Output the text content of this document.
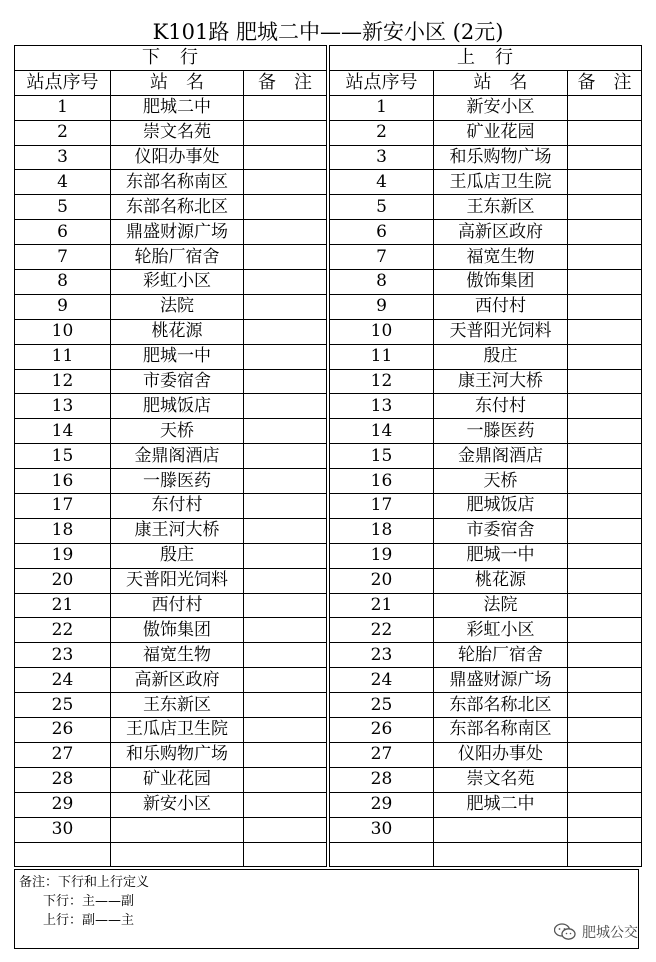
K101路 肥城二中——新安小区 (2元)
下　行		
站点序号	站　名	备　注
1	肥城二中	
2	崇文名苑	
3	仪阳办事处	
4	东部名称南区	
5	东部名称北区	
6	鼎盛财源广场	
7	轮胎厂宿舍	
8	彩虹小区	
9	法院	
10	桃花源	
11	肥城一中	
12	市委宿舍	
13	肥城饭店	
14	天桥	
15	金鼎阁酒店	
16	一滕医药	
17	东付村	
18	康王河大桥	
19	殷庄	
20	天普阳光饲料	
21	西付村	
22	傲饰集团	
23	福宽生物	
24	高新区政府	
25	王东新区	
26	王瓜店卫生院	
27	和乐购物广场	
28	矿业花园	
29	新安小区	
30		

上　行		
站点序号	站　名	备　注
1	新安小区	
2	矿业花园	
3	和乐购物广场	
4	王瓜店卫生院	
5	王东新区	
6	高新区政府	
7	福宽生物	
8	傲饰集团	
9	西付村	
10	天普阳光饲料	
11	殷庄	
12	康王河大桥	
13	东付村	
14	一滕医药	
15	金鼎阁酒店	
16	天桥	
17	肥城饭店	
18	市委宿舍	
19	肥城一中	
20	桃花源	
21	法院	
22	彩虹小区	
23	轮胎厂宿舍	
24	鼎盛财源广场	
25	东部名称北区	
26	东部名称南区	
27	仪阳办事处	
28	崇文名苑	
29	肥城二中	
30		

备注：下行和上行定义
下行：主——副
上行：副——主
肥城公交
